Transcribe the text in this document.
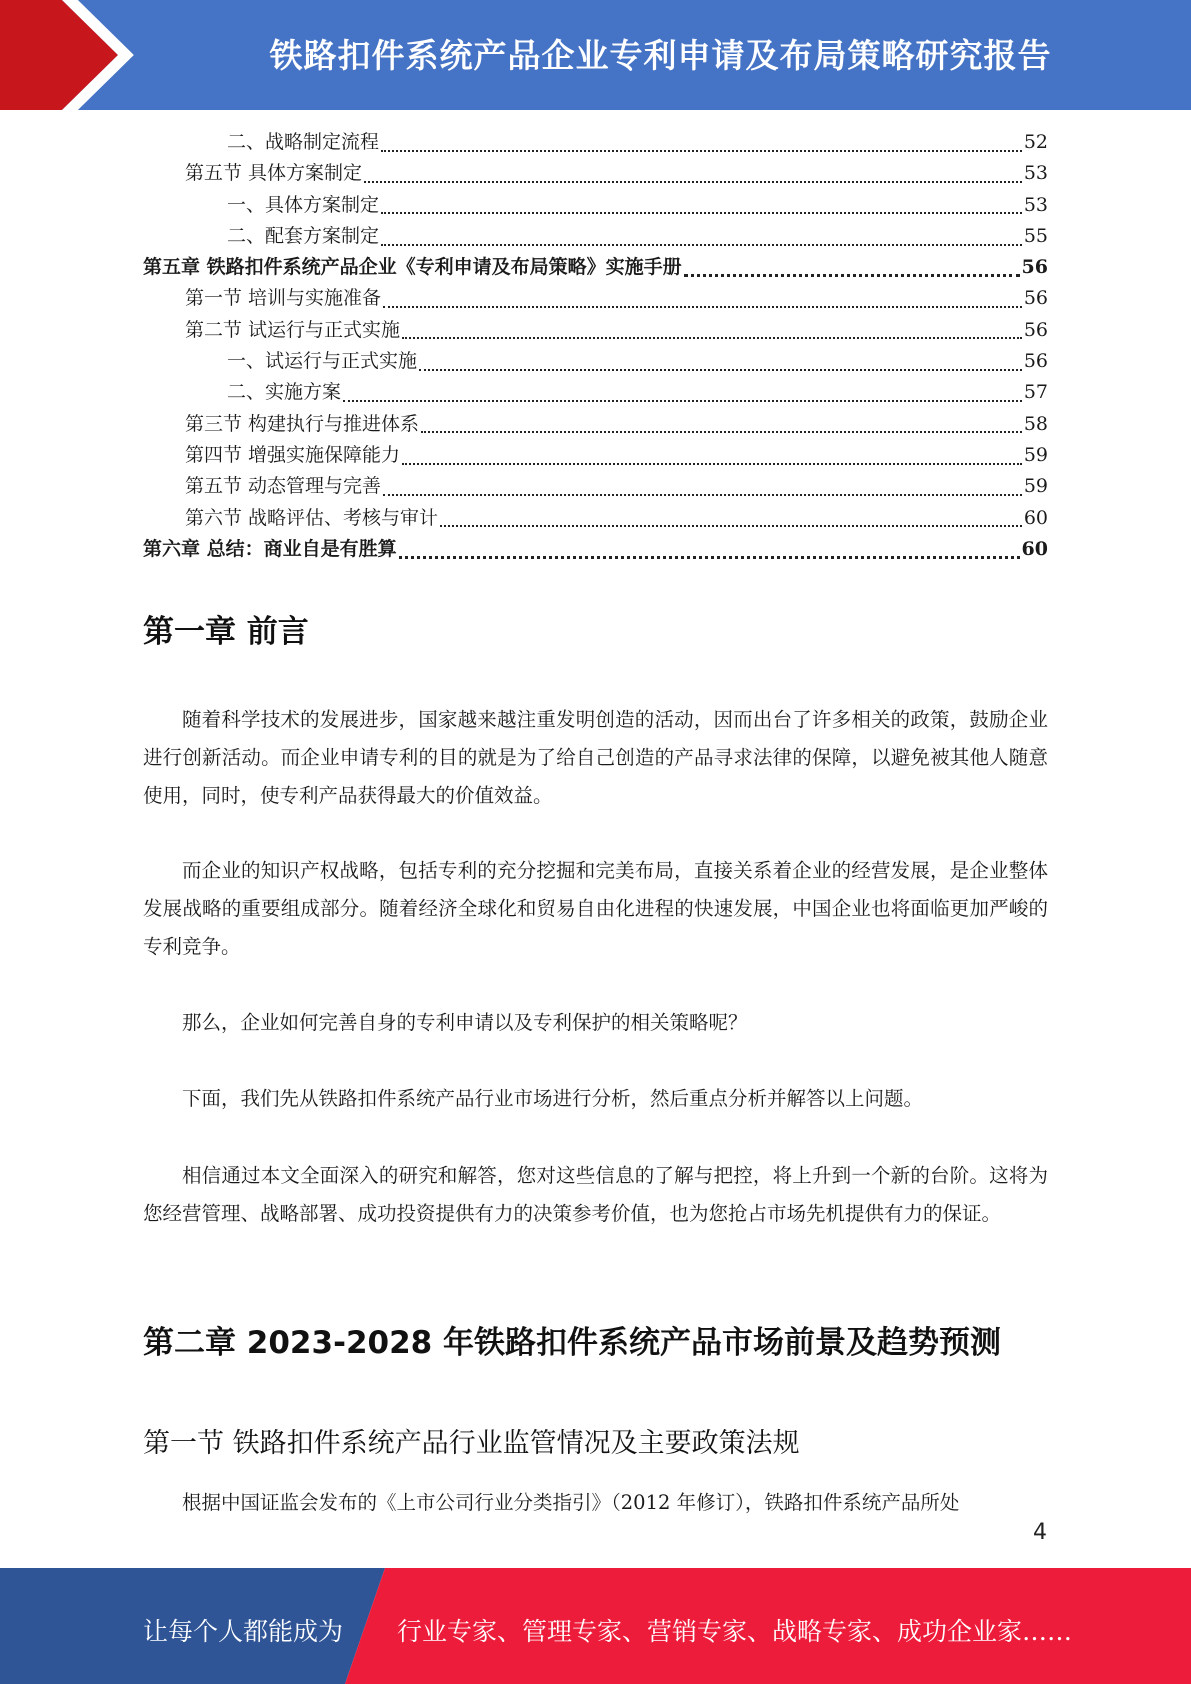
铁路扣件系统产品企业专利申请及布局策略研究报告
二、战略制定流程	52
第五节 具体方案制定	53
一、具体方案制定	53
二、配套方案制定	55
第五章 铁路扣件系统产品企业《专利申请及布局策略》实施手册	56
第一节 培训与实施准备	56
第二节 试运行与正式实施	56
一、试运行与正式实施	56
二、实施方案	57
第三节 构建执行与推进体系	58
第四节 增强实施保障能力	59
第五节 动态管理与完善	59
第六节 战略评估、考核与审计	60
第六章 总结：商业自是有胜算	60
第一章 前言

随着科学技术的发展进步，国家越来越注重发明创造的活动，因而出台了许多相关的政策，鼓励企业进行创新活动。而企业申请专利的目的就是为了给自己创造的产品寻求法律的保障，以避免被其他人随意使用，同时，使专利产品获得最大的价值效益。

而企业的知识产权战略，包括专利的充分挖掘和完美布局，直接关系着企业的经营发展，是企业整体发展战略的重要组成部分。随着经济全球化和贸易自由化进程的快速发展，中国企业也将面临更加严峻的专利竞争。

那么，企业如何完善自身的专利申请以及专利保护的相关策略呢？

下面，我们先从铁路扣件系统产品行业市场进行分析，然后重点分析并解答以上问题。

相信通过本文全面深入的研究和解答，您对这些信息的了解与把控，将上升到一个新的台阶。这将为您经营管理、战略部署、成功投资提供有力的决策参考价值，也为您抢占市场先机提供有力的保证。

第二章 2023-2028 年铁路扣件系统产品市场前景及趋势预测
第一节 铁路扣件系统产品行业监管情况及主要政策法规

根据中国证监会发布的《上市公司行业分类指引》（2012 年修订），铁路扣件系统产品所处

4
让每个人都能成为 行业专家、管理专家、营销专家、战略专家、成功企业家……
